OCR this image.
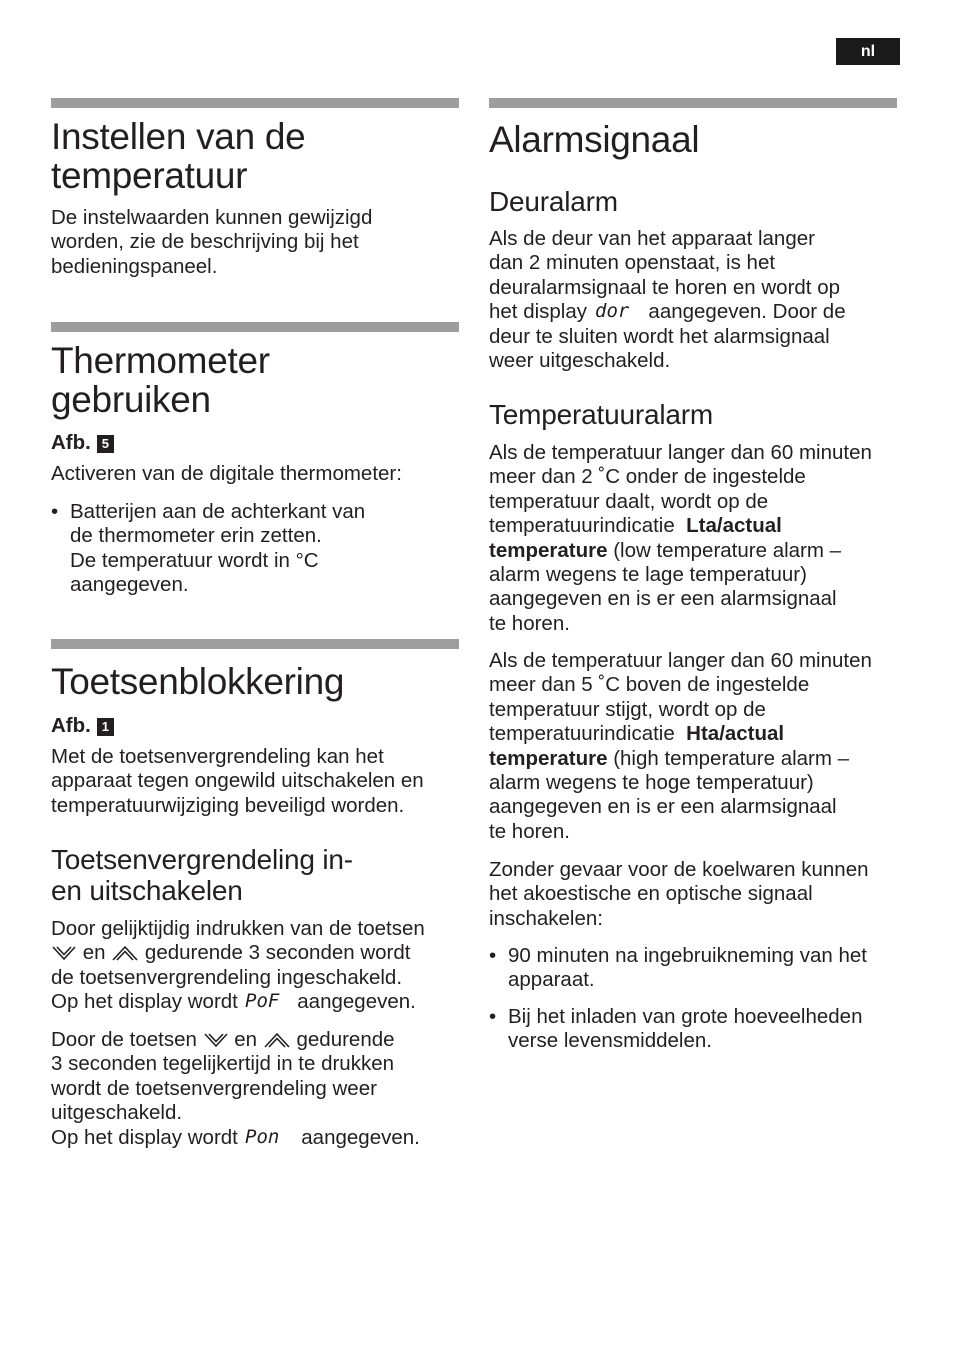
nl
Instellen van de
temperatuur

De instelwaarden kunnen gewijzigd
worden, zie de beschrijving bij het
bedieningspaneel.

Thermometer
gebruiken
Afb. 5

Activeren van de digitale thermometer:

• Batterijen aan de achterkant van
de thermometer erin zetten.
De temperatuur wordt in °C
aangegeven.

Toetsenblokkering
Afb. 1

Met de toetsenvergrendeling kan het
apparaat tegen ongewild uitschakelen en
temperatuurwijziging beveiligd worden.

Toetsenvergrendeling in-
en uitschakelen
Door gelijktijdig indrukken van de toetsen
en gedurende 3 seconden wordt
de toetsenvergrendeling ingeschakeld.
Op het display wordt PoF aangegeven.
Door de toetsen en gedurende
3 seconden tegelijkertijd in te drukken
wordt de toetsenvergrendeling weer
uitgeschakeld.
Op het display wordt Pon aangegeven.
Alarmsignaal
Deuralarm
Als de deur van het apparaat langer
dan 2 minuten openstaat, is het
deuralarmsignaal te horen en wordt op
het display dor aangegeven. Door de
deur te sluiten wordt het alarmsignaal
weer uitgeschakeld.
Temperatuuralarm
Als de temperatuur langer dan 60 minuten
meer dan 2 ˚C onder de ingestelde
temperatuur daalt, wordt op de
temperatuurindicatie Lta/actual
temperature (low temperature alarm –
alarm wegens te lage temperatuur)
aangegeven en is er een alarmsignaal
te horen.
Als de temperatuur langer dan 60 minuten
meer dan 5 ˚C boven de ingestelde
temperatuur stijgt, wordt op de
temperatuurindicatie Hta/actual
temperature (high temperature alarm –
alarm wegens te hoge temperatuur)
aangegeven en is er een alarmsignaal
te horen.

Zonder gevaar voor de koelwaren kunnen
het akoestische en optische signaal
inschakelen:

• 90 minuten na ingebruikneming van het
apparaat.

• Bij het inladen van grote hoeveelheden
verse levensmiddelen.
